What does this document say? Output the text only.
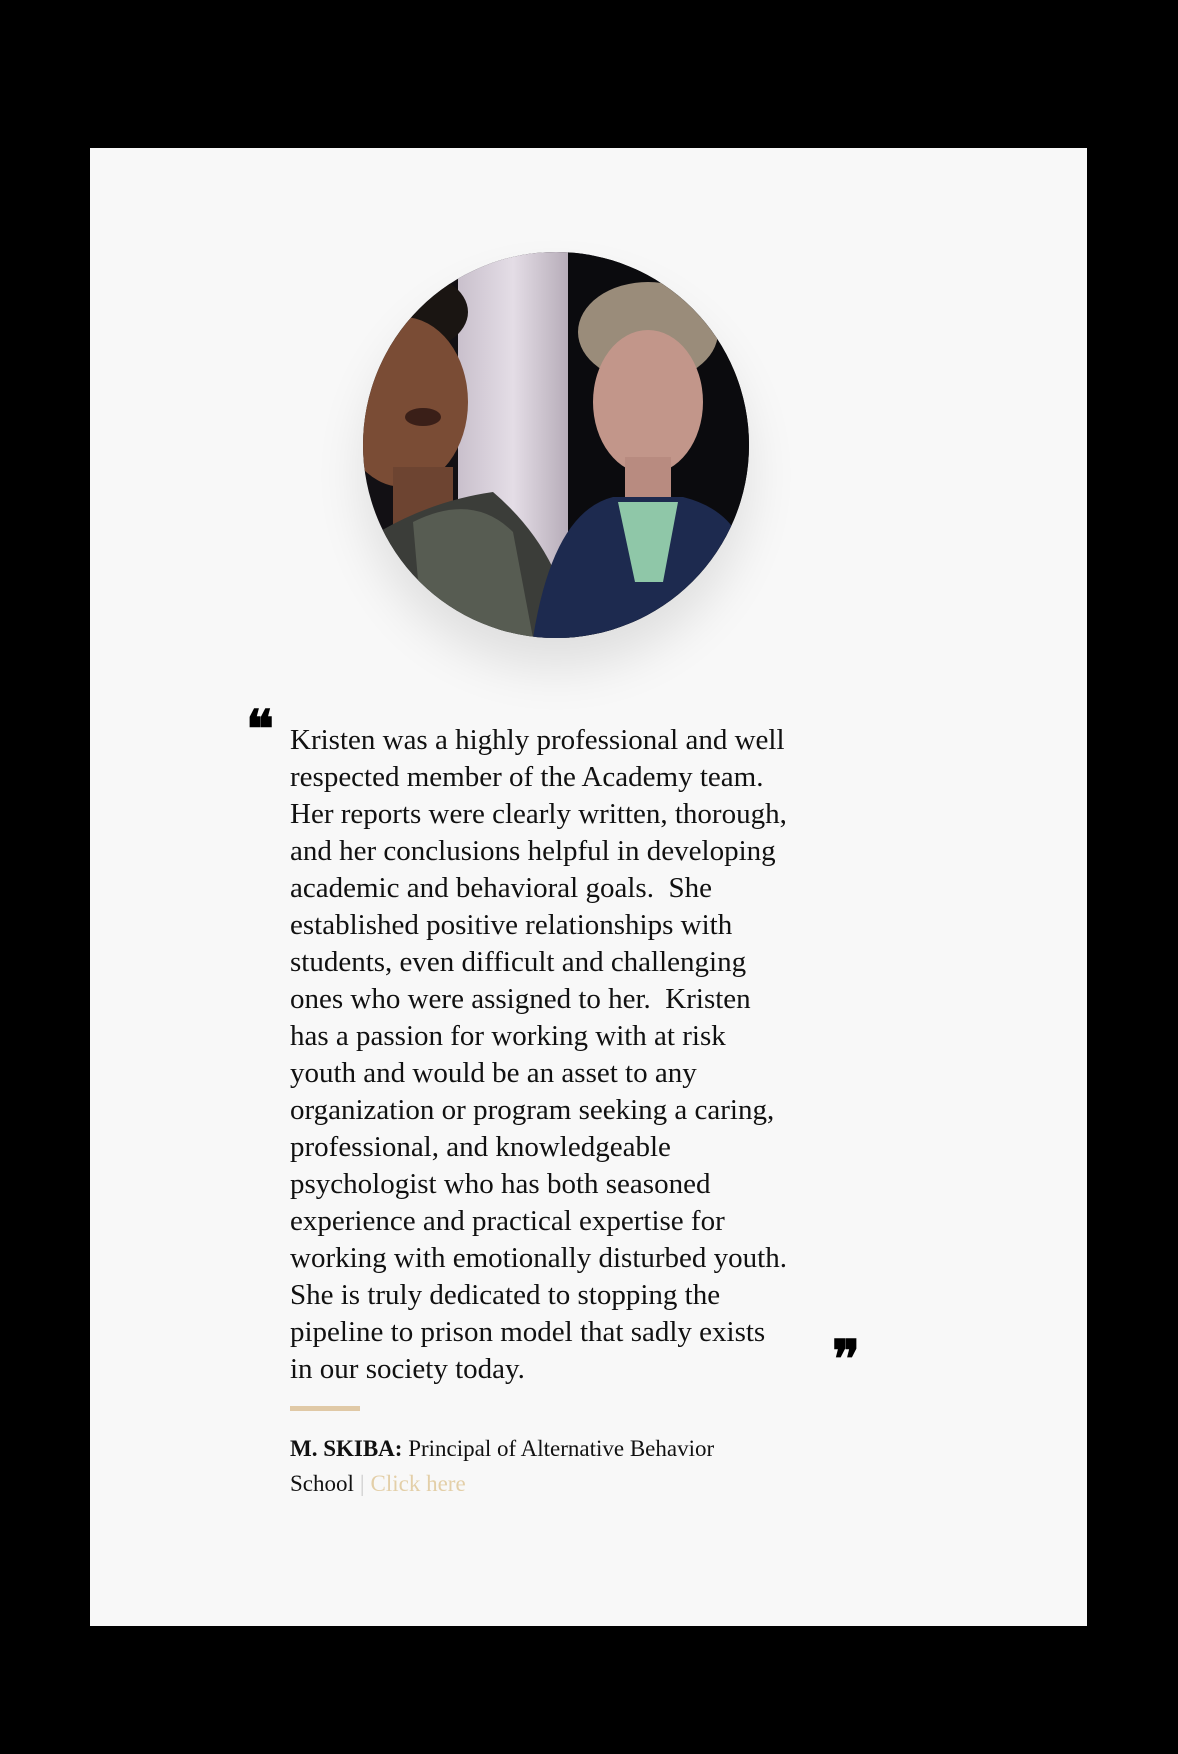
❝ Kristen was a highly professional and well
respected member of the Academy team.
Her reports were clearly written, thorough,
and her conclusions helpful in developing
academic and behavioral goals.  She
established positive relationships with
students, even difficult and challenging
ones who were assigned to her.  Kristen
has a passion for working with at risk
youth and would be an asset to any
organization or program seeking a caring,
professional, and knowledgeable
psychologist who has both seasoned
experience and practical expertise for
working with emotionally disturbed youth.
She is truly dedicated to stopping the
pipeline to prison model that sadly exists
in our society today.	❞
M. SKIBA: Principal of Alternative Behavior
School | Click here
